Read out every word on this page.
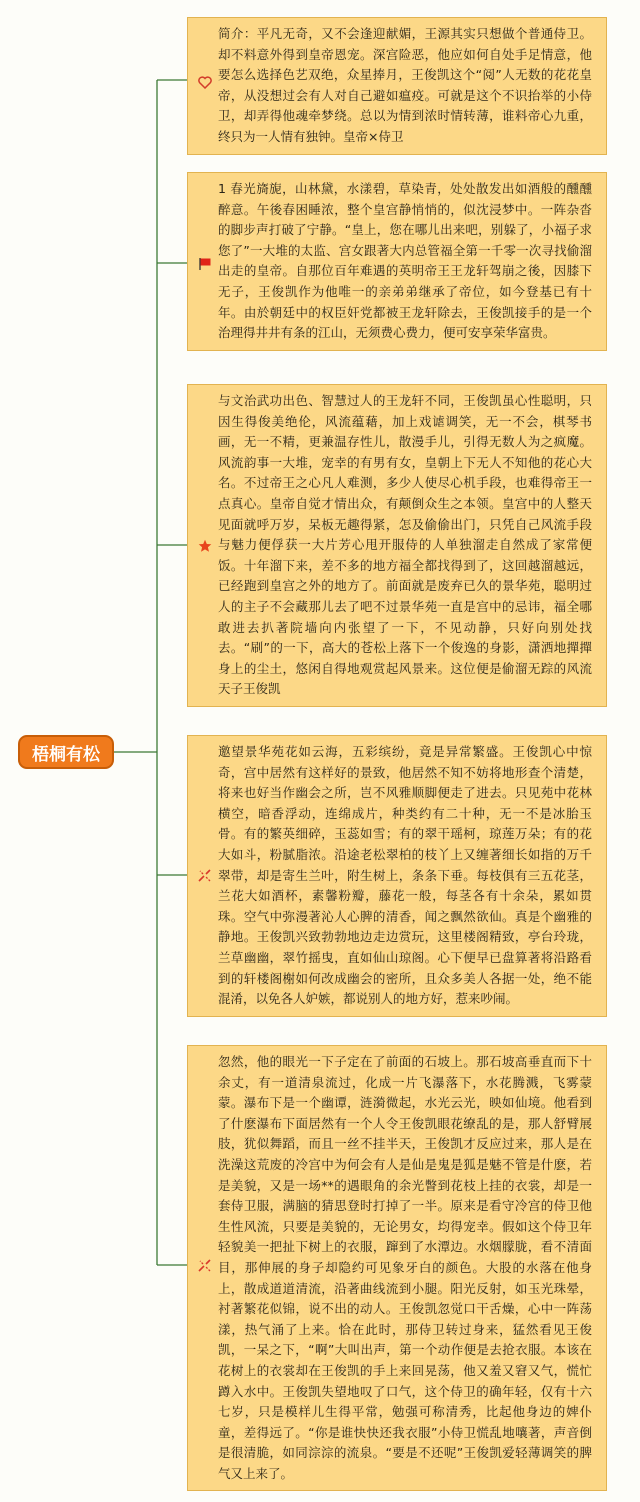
梧桐有松
简介：平凡无奇，又不会逢迎献媚，王源其实只想做个普通侍卫。却不料意外得到皇帝恩宠。深宫险恶，他应如何自处手足情意，他要怎么选择色艺双绝，众星捧月，王俊凯这个“阅”人无数的花花皇帝，从没想过会有人对自己避如瘟疫。可就是这个不识抬举的小侍卫，却弄得他魂牵梦绕。总以为情到浓时情转薄，谁料帝心九重，终只为一人情有独钟。皇帝×侍卫
1 春光旖旎，山林黛，水漾碧，草染青，处处散发出如酒般的醺醺醉意。午後春困睡浓，整个皇宫静悄悄的，似沈浸梦中。一阵杂沓的脚步声打破了宁静。“皇上，您在哪儿出来吧，别躲了，小福子求您了”一大堆的太监、宫女跟著大内总管福全第一千零一次寻找偷溜出走的皇帝。自那位百年难遇的英明帝王王龙轩驾崩之後，因膝下无子，王俊凯作为他唯一的亲弟弟继承了帝位，如今登基已有十年。由於朝廷中的权臣奸党都被王龙轩除去，王俊凯接手的是一个治理得井井有条的江山，无须费心费力，便可安享荣华富贵。
与文治武功出色、智慧过人的王龙轩不同，王俊凯虽心性聪明，只因生得俊美绝伦，风流蕴藉，加上戏谑调笑，无一不会，棋琴书画，无一不精，更兼温存性儿，散漫手儿，引得无数人为之疯魔。风流韵事一大堆，宠幸的有男有女，皇朝上下无人不知他的花心大名。不过帝王之心凡人难测，多少人使尽心机手段，也难得帝王一点真心。皇帝自觉才情出众，有颠倒众生之本领。皇宫中的人整天见面就呼万岁，呆板无趣得紧，怎及偷偷出门，只凭自己风流手段与魅力便俘获一大片芳心甩开服侍的人单独溜走自然成了家常便饭。十年溜下来，差不多的地方福全都找得到了，这回越溜越远，已经跑到皇宫之外的地方了。前面就是废弃已久的景华苑，聪明过人的主子不会藏那儿去了吧不过景华苑一直是宫中的忌讳，福全哪敢进去扒著院墙向内张望了一下，不见动静，只好向别处找去。“刷”的一下，高大的苍松上落下一个俊逸的身影，潇洒地撣撣身上的尘土，悠闲自得地观赏起风景来。这位便是偷溜无踪的风流天子王俊凯
邀望景华苑花如云海，五彩缤纷，竟是异常繁盛。王俊凯心中惊奇，宫中居然有这样好的景致，他居然不知不妨将地形查个清楚，将来也好当作幽会之所，岂不风雅顺脚便走了进去。只见苑中花林横空，暗香浮动，连绵成片，种类约有二十种，无一不是冰胎玉骨。有的繁英细碎，玉蕊如雪；有的翠干瑶柯，琼莲万朵；有的花大如斗，粉腻脂浓。沿途老松翠柏的枝丫上又缠著细长如指的万千翠带，却是寄生兰叶，附生树上，条条下垂。每枝俱有三五花茎，兰花大如酒杯，素馨粉瓣，藤花一般，每茎各有十余朵，累如贯珠。空气中弥漫著沁人心脾的清香，闻之飘然欲仙。真是个幽雅的静地。王俊凯兴致勃勃地边走边赏玩，这里楼阁精致，亭台玲珑，兰草幽幽，翠竹摇曳，直如仙山琼阁。心下便早已盘算著将沿路看到的轩楼阁榭如何改成幽会的密所，且众多美人各据一处，绝不能混淆，以免各人妒嫉，都说别人的地方好，惹来吵闹。
忽然，他的眼光一下子定在了前面的石坡上。那石坡高垂直而下十余丈，有一道清泉流过，化成一片飞瀑落下，水花腾溅，飞雾蒙蒙。瀑布下是一个幽谭，涟漪微起，水光云光，映如仙境。他看到了什麽瀑布下面居然有一个人令王俊凯眼花缭乱的是，那人舒臂展肢，犹似舞蹈，而且一丝不挂半天，王俊凯才反应过来，那人是在洗澡这荒废的冷宫中为何会有人是仙是鬼是狐是魅不管是什麽，若是美貌，又是一场**的遇眼角的余光瞥到花枝上挂的衣裳，却是一套侍卫服，满脑的猜思登时打掉了一半。原来是看守冷宫的侍卫他生性风流，只要是美貌的，无论男女，均得宠幸。假如这个侍卫年轻貌美一把扯下树上的衣服，蹿到了水潭边。水烟朦胧，看不清面目，那伸展的身子却隐约可见象牙白的颜色。大股的水落在他身上，散成道道清流，沿著曲线流到小腿。阳光反射，如玉光珠晕，衬著繁花似锦，说不出的动人。王俊凯忽觉口干舌燥，心中一阵荡漾，热气涌了上来。恰在此时，那侍卫转过身来，猛然看见王俊凯，一呆之下，“啊”大叫出声，第一个动作便是去抢衣服。本该在花树上的衣裳却在王俊凯的手上来回晃荡，他又羞又窘又气，慌忙蹲入水中。王俊凯失望地叹了口气，这个侍卫的确年轻，仅有十六七岁，只是模样儿生得平常，勉强可称清秀，比起他身边的婢仆童，差得远了。“你是谁快快还我衣服”小侍卫慌乱地嚷著，声音倒是很清脆，如同淙淙的流泉。“要是不还呢”王俊凯爱轻薄调笑的脾气又上来了。
